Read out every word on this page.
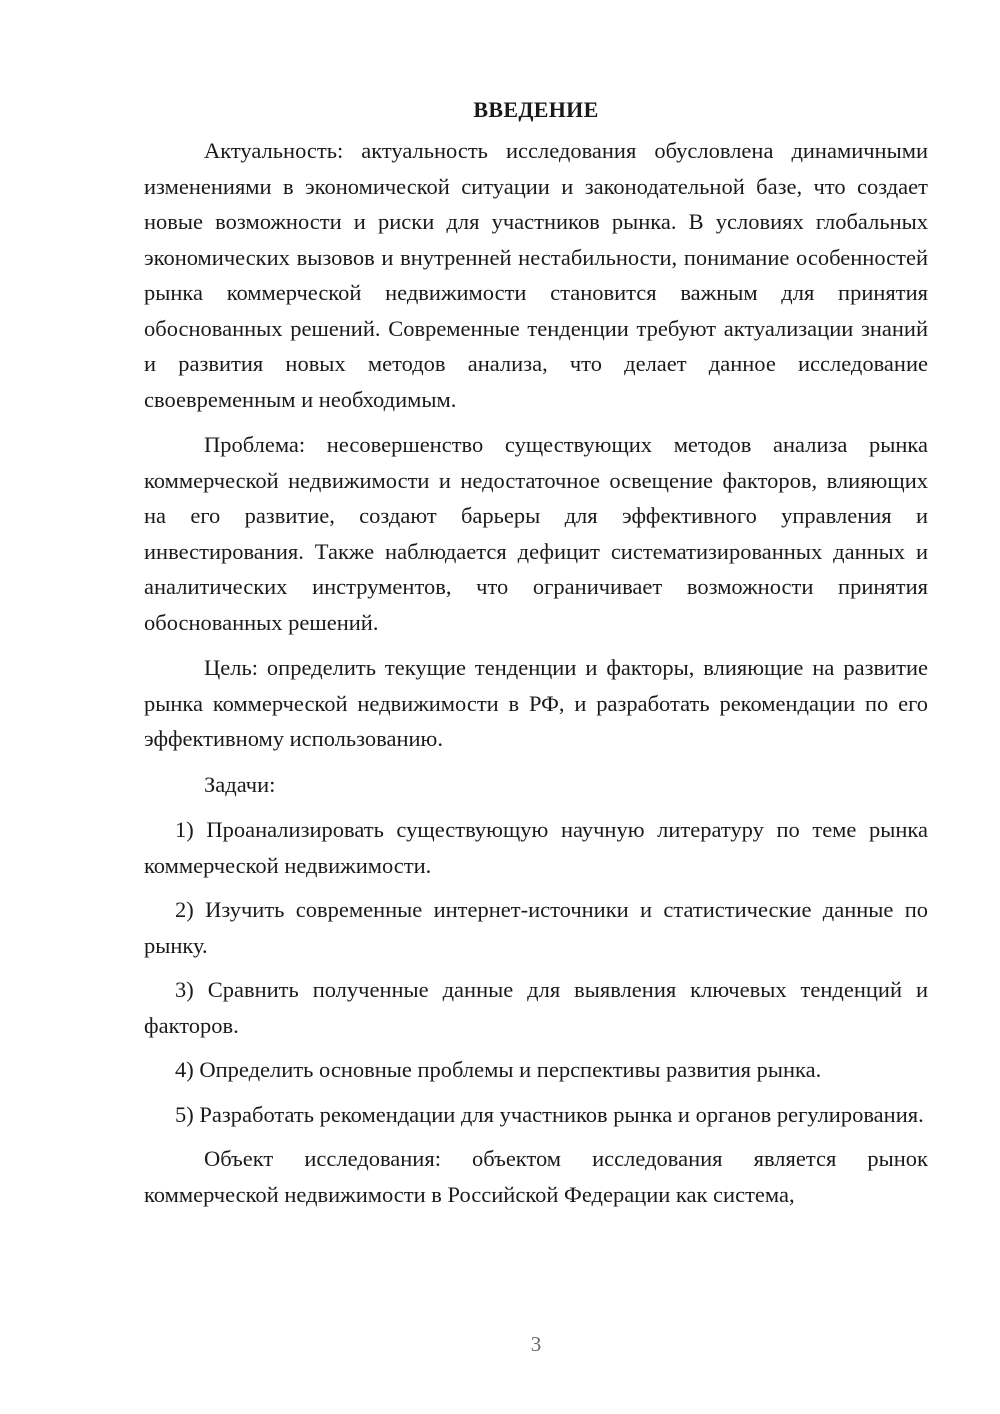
ВВЕДЕНИЕ

Актуальность: актуальность исследования обусловлена динамичными изменениями в экономической ситуации и законодательной базе, что создает новые возможности и риски для участников рынка. В условиях глобальных экономических вызовов и внутренней нестабильности, понимание особенностей рынка коммерческой недвижимости становится важным для принятия обоснованных решений. Современные тенденции требуют актуализации знаний и развития новых методов анализа, что делает данное исследование своевременным и необходимым.

Проблема: несовершенство существующих методов анализа рынка коммерческой недвижимости и недостаточное освещение факторов, влияющих на его развитие, создают барьеры для эффективного управления и инвестирования. Также наблюдается дефицит систематизированных данных и аналитических инструментов, что ограничивает возможности принятия обоснованных решений.

Цель: определить текущие тенденции и факторы, влияющие на развитие рынка коммерческой недвижимости в РФ, и разработать рекомендации по его эффективному использованию.

Задачи:

1) Проанализировать существующую научную литературу по теме рынка коммерческой недвижимости.

2) Изучить современные интернет-источники и статистические данные по рынку.

3) Сравнить полученные данные для выявления ключевых тенденций и факторов.

4) Определить основные проблемы и перспективы развития рынка.

5) Разработать рекомендации для участников рынка и органов регулирования.

Объект исследования: объектом исследования является рынок коммерческой недвижимости в Российской Федерации как система,

3
